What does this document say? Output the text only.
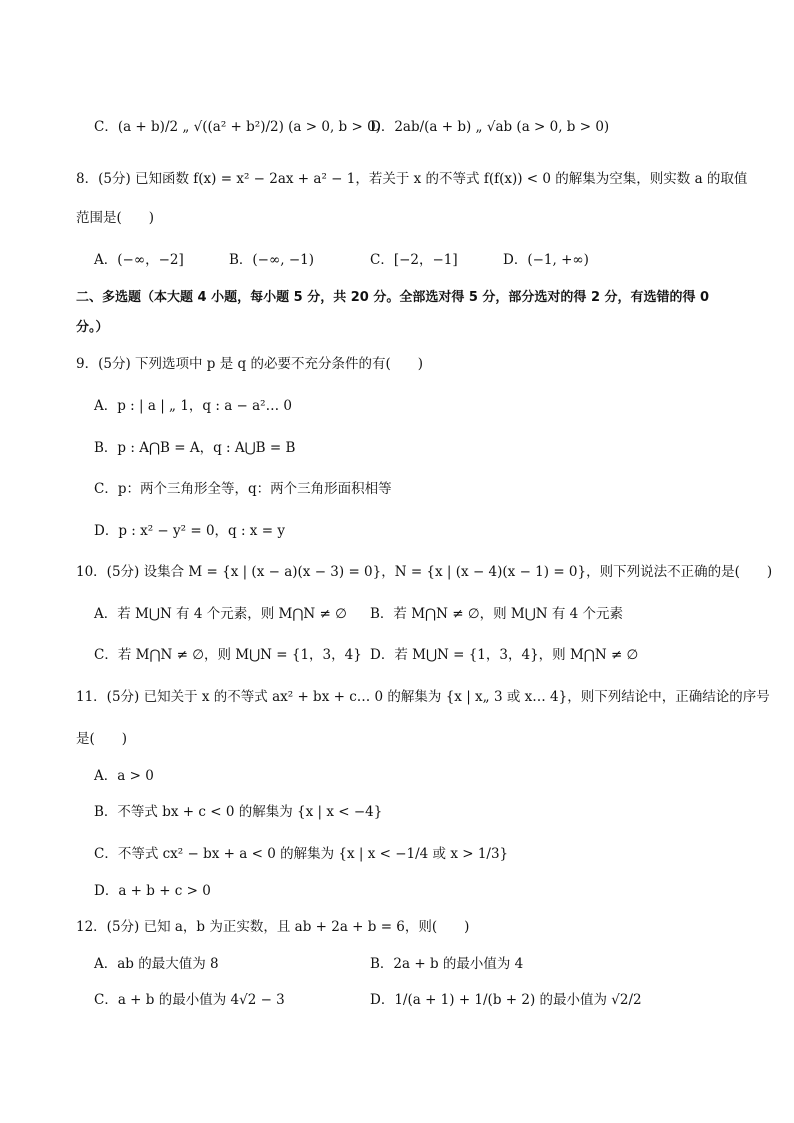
C．(a + b)/2 „ √((a² + b²)/2) (a > 0, b > 0)
D．2ab/(a + b) „ √ab (a > 0, b > 0)
8．(5分) 已知函数 f(x) = x² − 2ax + a² − 1，若关于 x 的不等式 f(f(x)) < 0 的解集为空集，则实数 a 的取值
范围是(　　)
A．(−∞，−2]	B．(−∞, −1)	C．[−2，−1]	D．(−1, +∞)
二、多选题（本大题 4 小题，每小题 5 分，共 20 分。全部选对得 5 分，部分选对的得 2 分，有选错的得 0
分。）
9．(5分) 下列选项中 p 是 q 的必要不充分条件的有(　　)
A．p : | a | „ 1，q : a − a²… 0
B．p : A⋂B = A，q : A⋃B = B
C．p：两个三角形全等，q：两个三角形面积相等
D．p : x² − y² = 0，q : x = y
10．(5分) 设集合 M = {x | (x − a)(x − 3) = 0}，N = {x | (x − 4)(x − 1) = 0}，则下列说法不正确的是(　　)
A．若 M⋃N 有 4 个元素，则 M⋂N ≠ ∅ B．若 M⋂N ≠ ∅，则 M⋃N 有 4 个元素
C．若 M⋂N ≠ ∅，则 M⋃N = {1，3，4} D．若 M⋃N = {1，3，4}，则 M⋂N ≠ ∅
11．(5分) 已知关于 x 的不等式 ax² + bx + c… 0 的解集为 {x | x„ 3 或 x… 4}，则下列结论中，正确结论的序号
是(　　)
A．a > 0
B．不等式 bx + c < 0 的解集为 {x | x < −4}
C．不等式 cx² − bx + a < 0 的解集为 {x | x < −1/4 或 x > 1/3}
D．a + b + c > 0
12．(5分) 已知 a，b 为正实数，且 ab + 2a + b = 6，则(　　)
A．ab 的最大值为 8	B．2a + b 的最小值为 4
C．a + b 的最小值为 4√2 − 3	D．1/(a + 1) + 1/(b + 2) 的最小值为 √2/2
